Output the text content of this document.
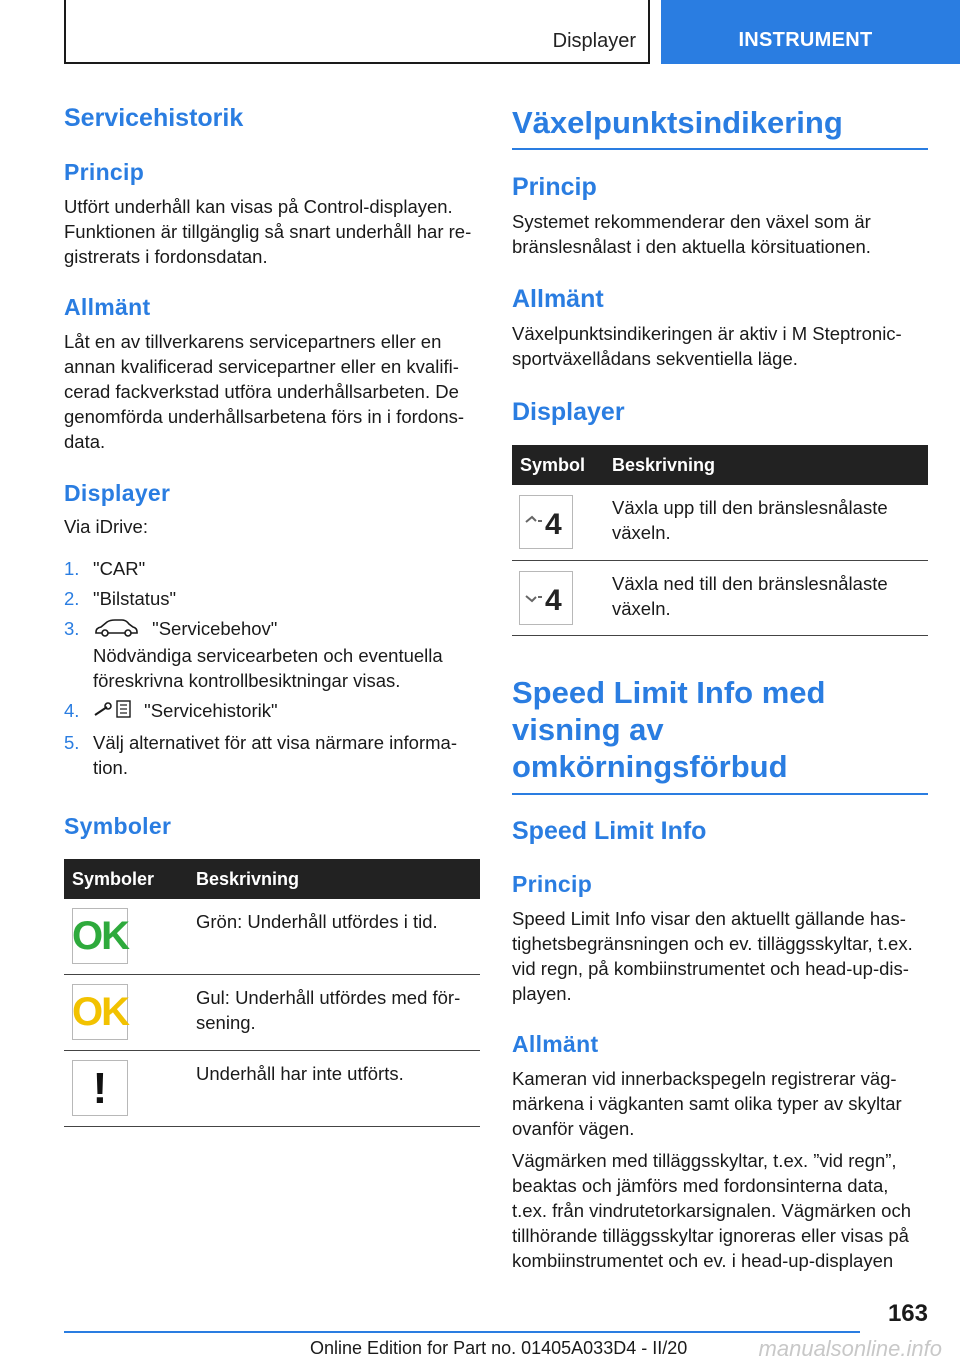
Displayer	INSTRUMENT
Servicehistorik
Princip
Utfört underhåll kan visas på Control-displayen. Funktionen är tillgänglig så snart underhåll har re-gistrerats i fordonsdatan.
Allmänt
Låt en av tillverkarens servicepartners eller en annan kvalificerad servicepartner eller en kvalifi-cerad fackverkstad utföra underhållsarbeten. De genomförda underhållsarbetena förs in i fordons-data.
Displayer
Via iDrive:
1. "CAR"
2. "Bilstatus"
3.	"Servicebehov"
Nödvändiga servicearbeten och eventuella föreskrivna kontrollbesiktningar visas.
4.	"Servicehistorik"
5. Välj alternativet för att visa närmare informa-tion.
Symboler
Symboler	Beskrivning

OK	Grön: Underhåll utfördes i tid.

OK	Gul: Underhåll utfördes med för-sening.

!	Underhåll har inte utförts.
Växelpunktsindikering
Princip
Systemet rekommenderar den växel som är bränslesnålast i den aktuella körsituationen.
Allmänt
Växelpunktsindikeringen är aktiv i M Steptronic-sportväxellådans sekventiella läge.
Displayer
Symbol	Beskrivning

4	Växla upp till den bränslesnålaste växeln.

4	Växla ned till den bränslesnålaste växeln.
Speed Limit Info med visning av omkörningsförbud
Speed Limit Info
Princip
Speed Limit Info visar den aktuellt gällande has-tighetsbegränsningen och ev. tilläggsskyltar, t.ex. vid regn, på kombiinstrumentet och head-up-dis-playen.
Allmänt
Kameran vid innerbackspegeln registrerar väg-märkena i vägkanten samt olika typer av skyltar ovanför vägen.
Vägmärken med tilläggsskyltar, t.ex. ”vid regn”, beaktas och jämförs med fordonsinterna data, t.ex. från vindrutetorkarsignalen. Vägmärken och tillhörande tilläggsskyltar ignoreras eller visas på kombiinstrumentet och ev. i head-up-displayen
163
Online Edition for Part no. 01405A033D4 - II/20	manualsonline.info
